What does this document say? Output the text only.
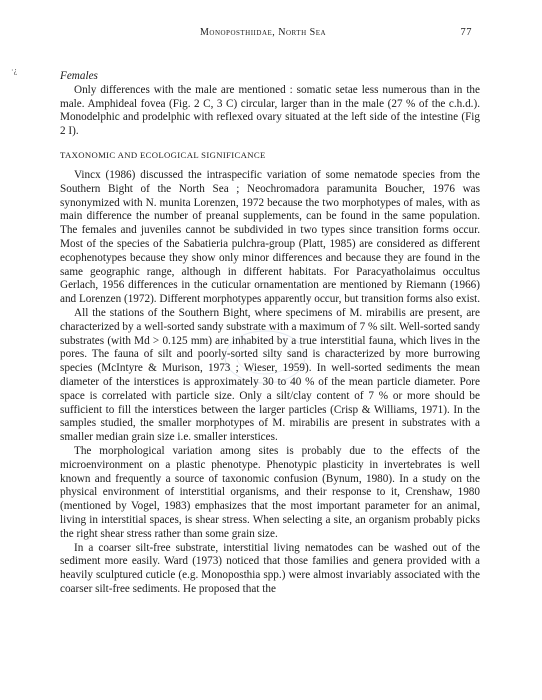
Monoposthiidae, North Sea	77
·¿	Females

Only differences with the male are mentioned : somatic setae less numerous than in the male. Amphideal fovea (Fig. 2 C, 3 C) circular, larger than in the male (27 % of the c.h.d.). Monodelphic and prodelphic with reflexed ovary situated at the left side of the intestine (Fig 2 I).

TAXONOMIC AND ECOLOGICAL SIGNIFICANCE

Vincx (1986) discussed the intraspecific variation of some nematode species from the Southern Bight of the North Sea ; Neochromadora paramunita Boucher, 1976 was synonymized with N. munita Lorenzen, 1972 because the two morphotypes of males, with as main difference the number of preanal supplements, can be found in the same population. The females and juveniles cannot be subdivided in two types since transition forms occur. Most of the species of the Sabatieria pulchra-group (Platt, 1985) are considered as different ecophenotypes because they show only minor differences and because they are found in the same geographic range, although in different habitats. For Paracyatholaimus occultus Gerlach, 1956 differences in the cuticular ornamentation are mentioned by Riemann (1966) and Lorenzen (1972). Different morphotypes apparently occur, but transition forms also exist.

All the stations of the Southern Bight, where specimens of M. mirabilis are present, are characterized by a well-sorted sandy substrate with a maximum of 7 % silt. Well-sorted sandy substrates (with Md > 0.125 mm) are inhabited by a true interstitial fauna, which lives in the pores. The fauna of silt and poorly-sorted silty sand is characterized by more burrowing species (McIntyre & Murison, 1973 ; Wieser, 1959). In well-sorted sediments the mean diameter of the interstices is approximately 30 to 40 % of the mean particle diameter. Pore space is correlated with particle size. Only a silt/clay content of 7 % or more should be sufficient to fill the interstices between the larger particles (Crisp & Williams, 1971). In the samples studied, the smaller morphotypes of M. mirabilis are present in substrates with a smaller median grain size i.e. smaller interstices.

The morphological variation among sites is probably due to the effects of the microenvironment on a plastic phenotype. Phenotypic plasticity in invertebrates is well known and frequently a source of taxonomic confusion (Bynum, 1980). In a study on the physical environment of interstitial organisms, and their response to it, Crenshaw, 1980 (mentioned by Vogel, 1983) emphasizes that the most important parameter for an animal, living in interstitial spaces, is shear stress. When selecting a site, an organism probably picks the right shear stress rather than some grain size.

In a coarser silt-free substrate, interstitial living nematodes can be washed out of the sediment more easily. Ward (1973) noticed that those families and genera provided with a heavily sculptured cuticle (e.g. Monoposthia spp.) were almost invariably associated with the coarser silt-free sediments. He proposed that the
